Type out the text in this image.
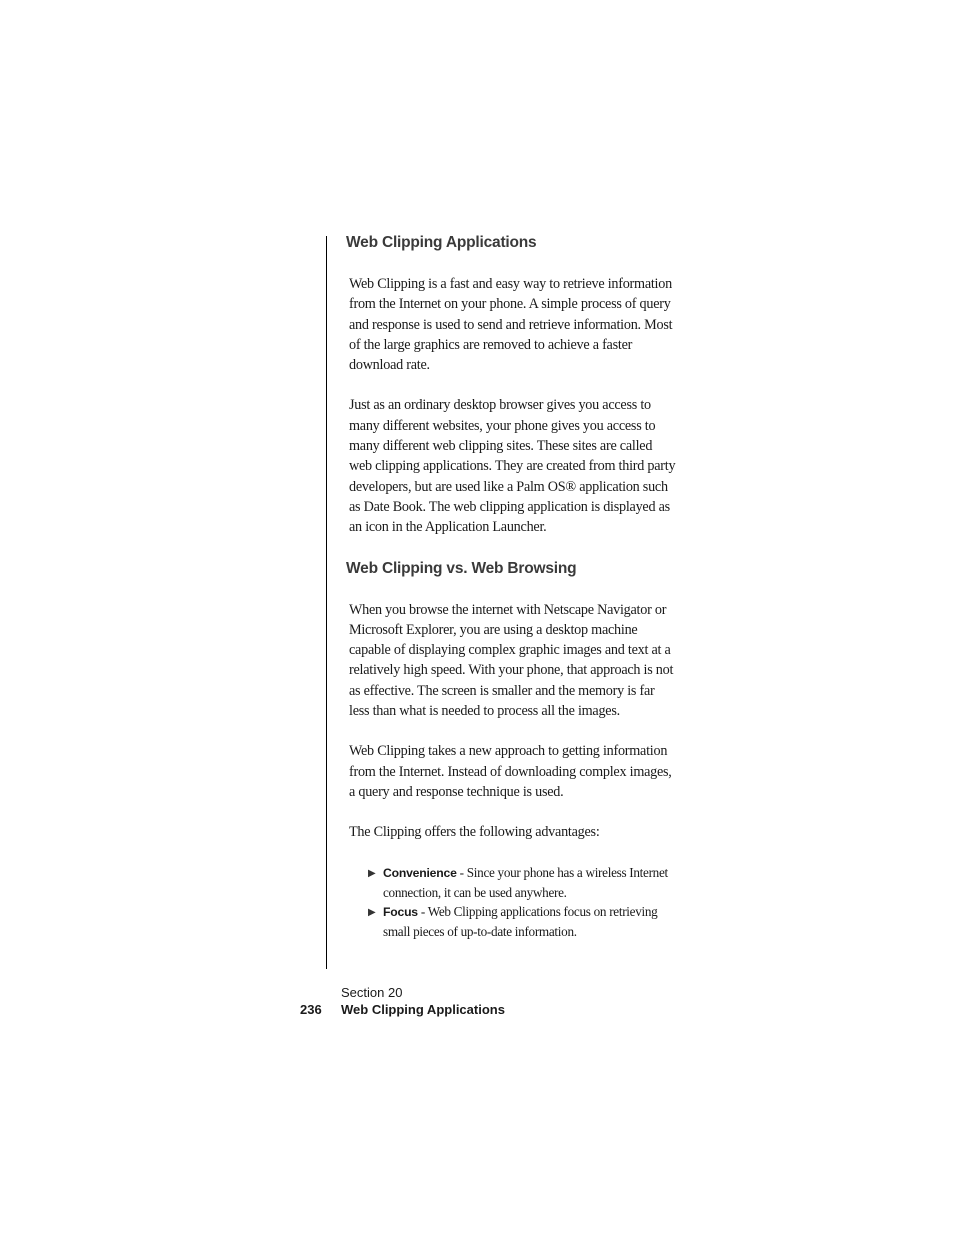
Web Clipping Applications

Web Clipping is a fast and easy way to retrieve information from the Internet on your phone. A simple process of query and response is used to send and retrieve information. Most of the large graphics are removed to achieve a faster download rate.

Just as an ordinary desktop browser gives you access to many different websites, your phone gives you access to many different web clipping sites. These sites are called web clipping applications. They are created from third party developers, but are used like a Palm OS® application such as Date Book. The web clipping application is displayed as an icon in the Application Launcher.

Web Clipping vs. Web Browsing

When you browse the internet with Netscape Navigator or Microsoft Explorer, you are using a desktop machine capable of displaying complex graphic images and text at a relatively high speed. With your phone, that approach is not as effective. The screen is smaller and the memory is far less than what is needed to process all the images.

Web Clipping takes a new approach to getting information from the Internet. Instead of downloading complex images, a query and response technique is used.

The Clipping offers the following advantages:

▶ Convenience - Since your phone has a wireless Internet connection, it can be used anywhere.
▶ Focus - Web Clipping applications focus on retrieving small pieces of up-to-date information.
Section 20
236 Web Clipping Applications
